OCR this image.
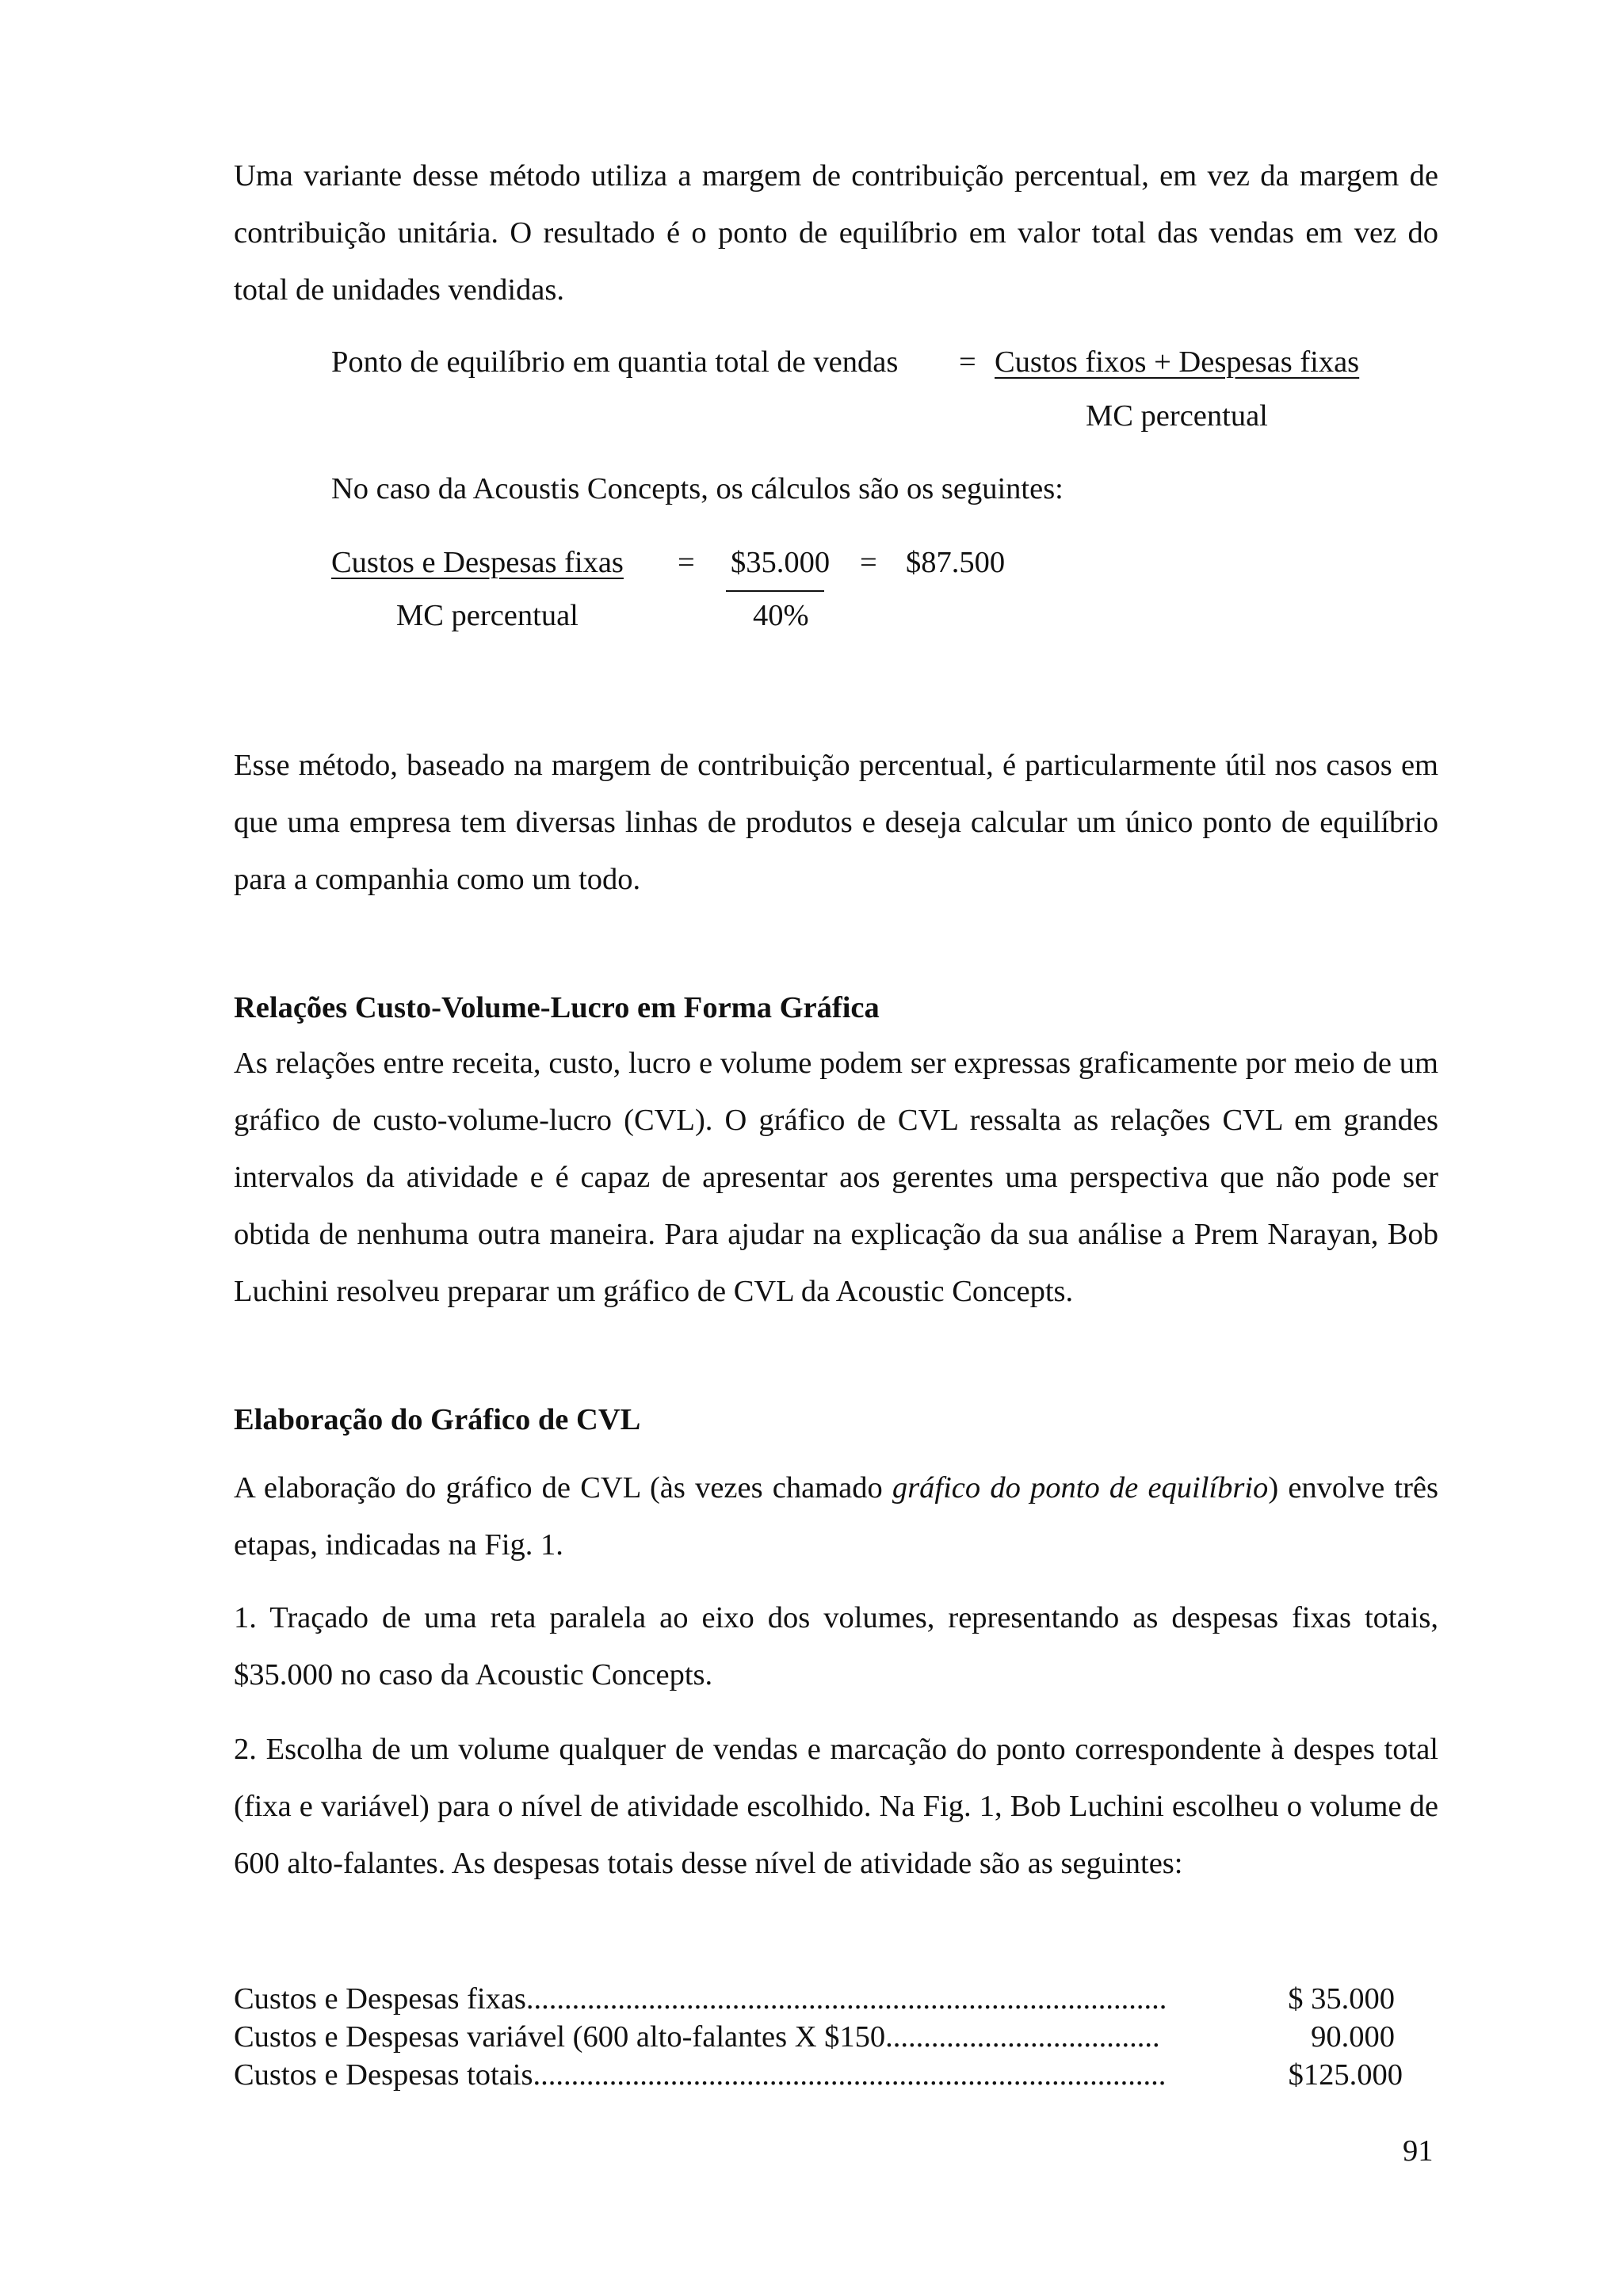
Uma variante desse método utiliza a margem de contribuição percentual, em vez da margem de contribuição unitária. O resultado é o ponto de equilíbrio em valor total das vendas em vez do total de unidades vendidas.
Ponto de equilíbrio em quantia total de vendas = Custos fixos + Despesas fixas
MC percentual
No caso da Acoustis Concepts, os cálculos são os seguintes:
Custos e Despesas fixas = $35.000 = $87.500
MC percentual	40%
Esse método, baseado na margem de contribuição percentual, é particularmente útil nos casos em que uma empresa tem diversas linhas de produtos e deseja calcular um único ponto de equilíbrio para a companhia como um todo.
Relações Custo-Volume-Lucro em Forma Gráfica
As relações entre receita, custo, lucro e volume podem ser expressas graficamente por meio de um gráfico de custo-volume-lucro (CVL). O gráfico de CVL ressalta as relações CVL em grandes intervalos da atividade e é capaz de apresentar aos gerentes uma perspectiva que não pode ser obtida de nenhuma outra maneira. Para ajudar na explicação da sua análise a Prem Narayan, Bob Luchini resolveu preparar um gráfico de CVL da Acoustic Concepts.
Elaboração do Gráfico de CVL
A elaboração do gráfico de CVL (às vezes chamado gráfico do ponto de equilíbrio) envolve três etapas, indicadas na Fig. 1.
1. Traçado de uma reta paralela ao eixo dos volumes, representando as despesas fixas totais, $35.000 no caso da Acoustic Concepts.
2. Escolha de um volume qualquer de vendas e marcação do ponto correspondente à despes total (fixa e variável) para o nível de atividade escolhido. Na Fig. 1, Bob Luchini escolheu o volume de 600 alto-falantes. As despesas totais desse nível de atividade são as seguintes:
Custos e Despesas fixas....................................................................................	$ 35.000
Custos e Despesas variável (600 alto-falantes X $150....................................	90.000
Custos e Despesas totais...................................................................................	$125.000
91
